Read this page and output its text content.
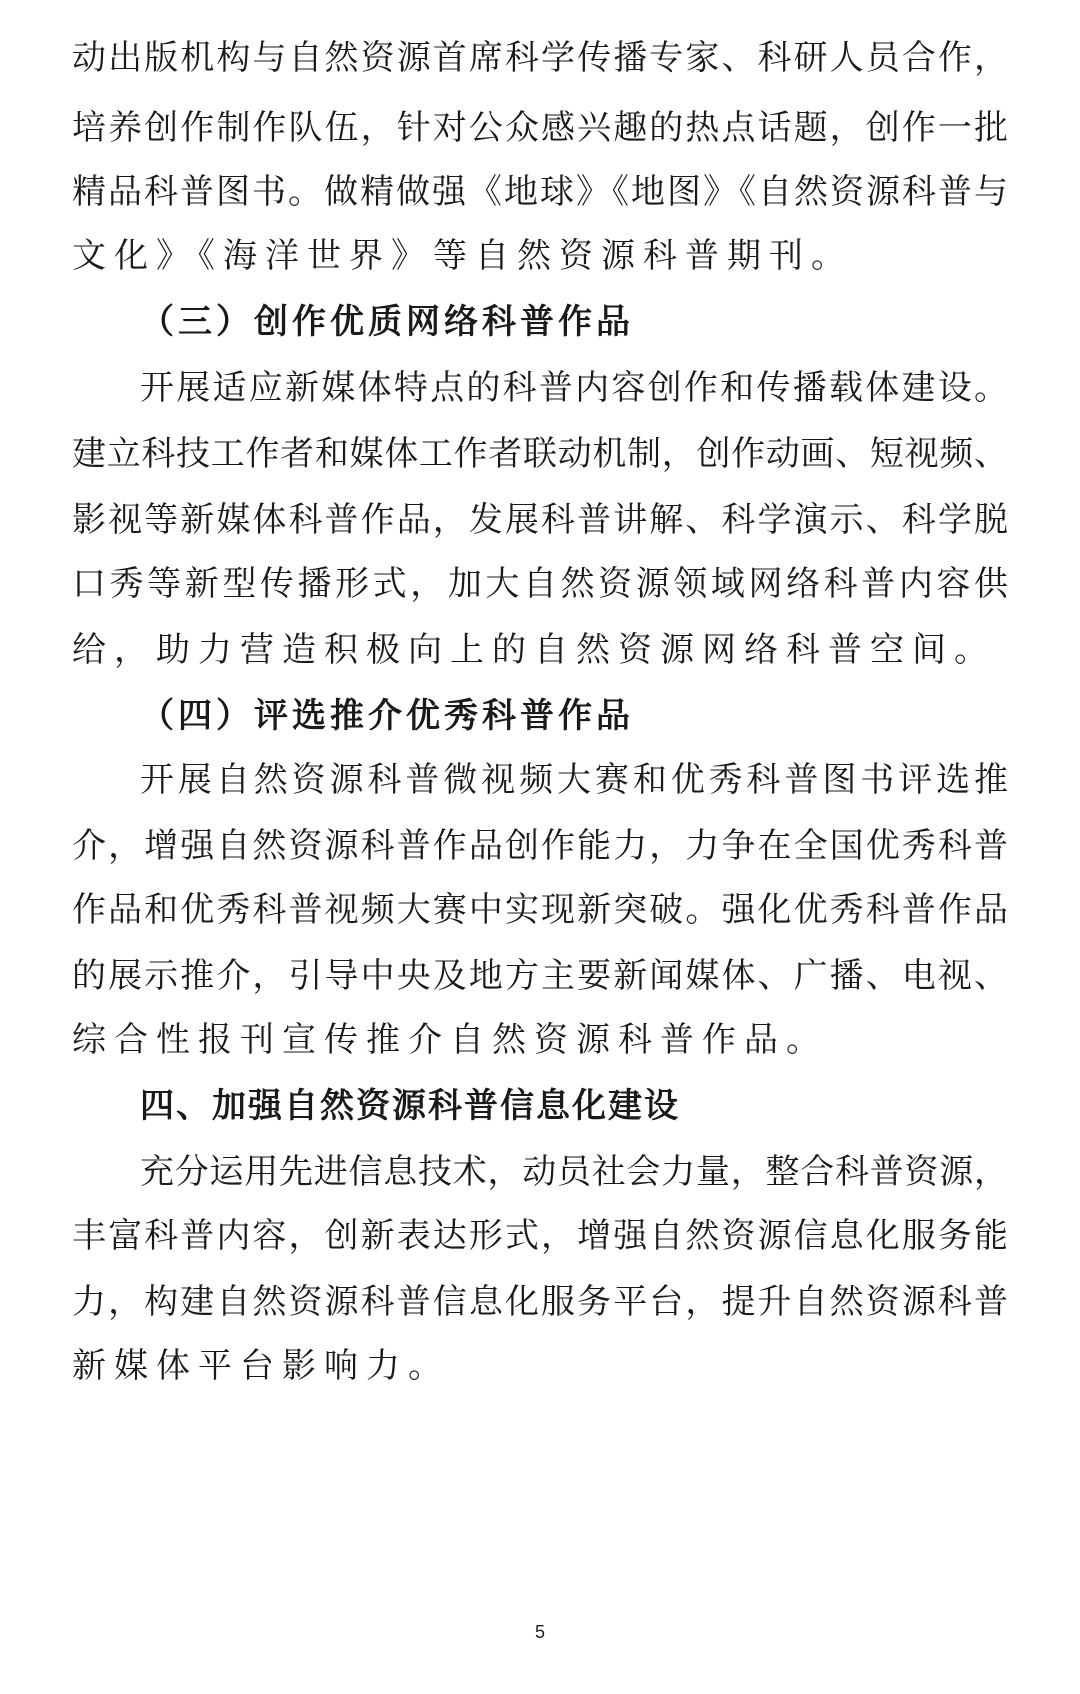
动出版机构与自然资源首席科学传播专家、科研人员合作，
培养创作制作队伍，针对公众感兴趣的热点话题，创作一批
精品科普图书。做精做强《地球》《地图》《自然资源科普与
文化》《海洋世界》等自然资源科普期刊。
（三）创作优质网络科普作品
开展适应新媒体特点的科普内容创作和传播载体建设。
建立科技工作者和媒体工作者联动机制，创作动画、短视频、
影视等新媒体科普作品，发展科普讲解、科学演示、科学脱
口秀等新型传播形式，加大自然资源领域网络科普内容供
给，助力营造积极向上的自然资源网络科普空间。
（四）评选推介优秀科普作品
开展自然资源科普微视频大赛和优秀科普图书评选推
介，增强自然资源科普作品创作能力，力争在全国优秀科普
作品和优秀科普视频大赛中实现新突破。强化优秀科普作品
的展示推介，引导中央及地方主要新闻媒体、广播、电视、
综合性报刊宣传推介自然资源科普作品。
四、加强自然资源科普信息化建设
充分运用先进信息技术，动员社会力量，整合科普资源，
丰富科普内容，创新表达形式，增强自然资源信息化服务能
力，构建自然资源科普信息化服务平台，提升自然资源科普
新媒体平台影响力。
5
